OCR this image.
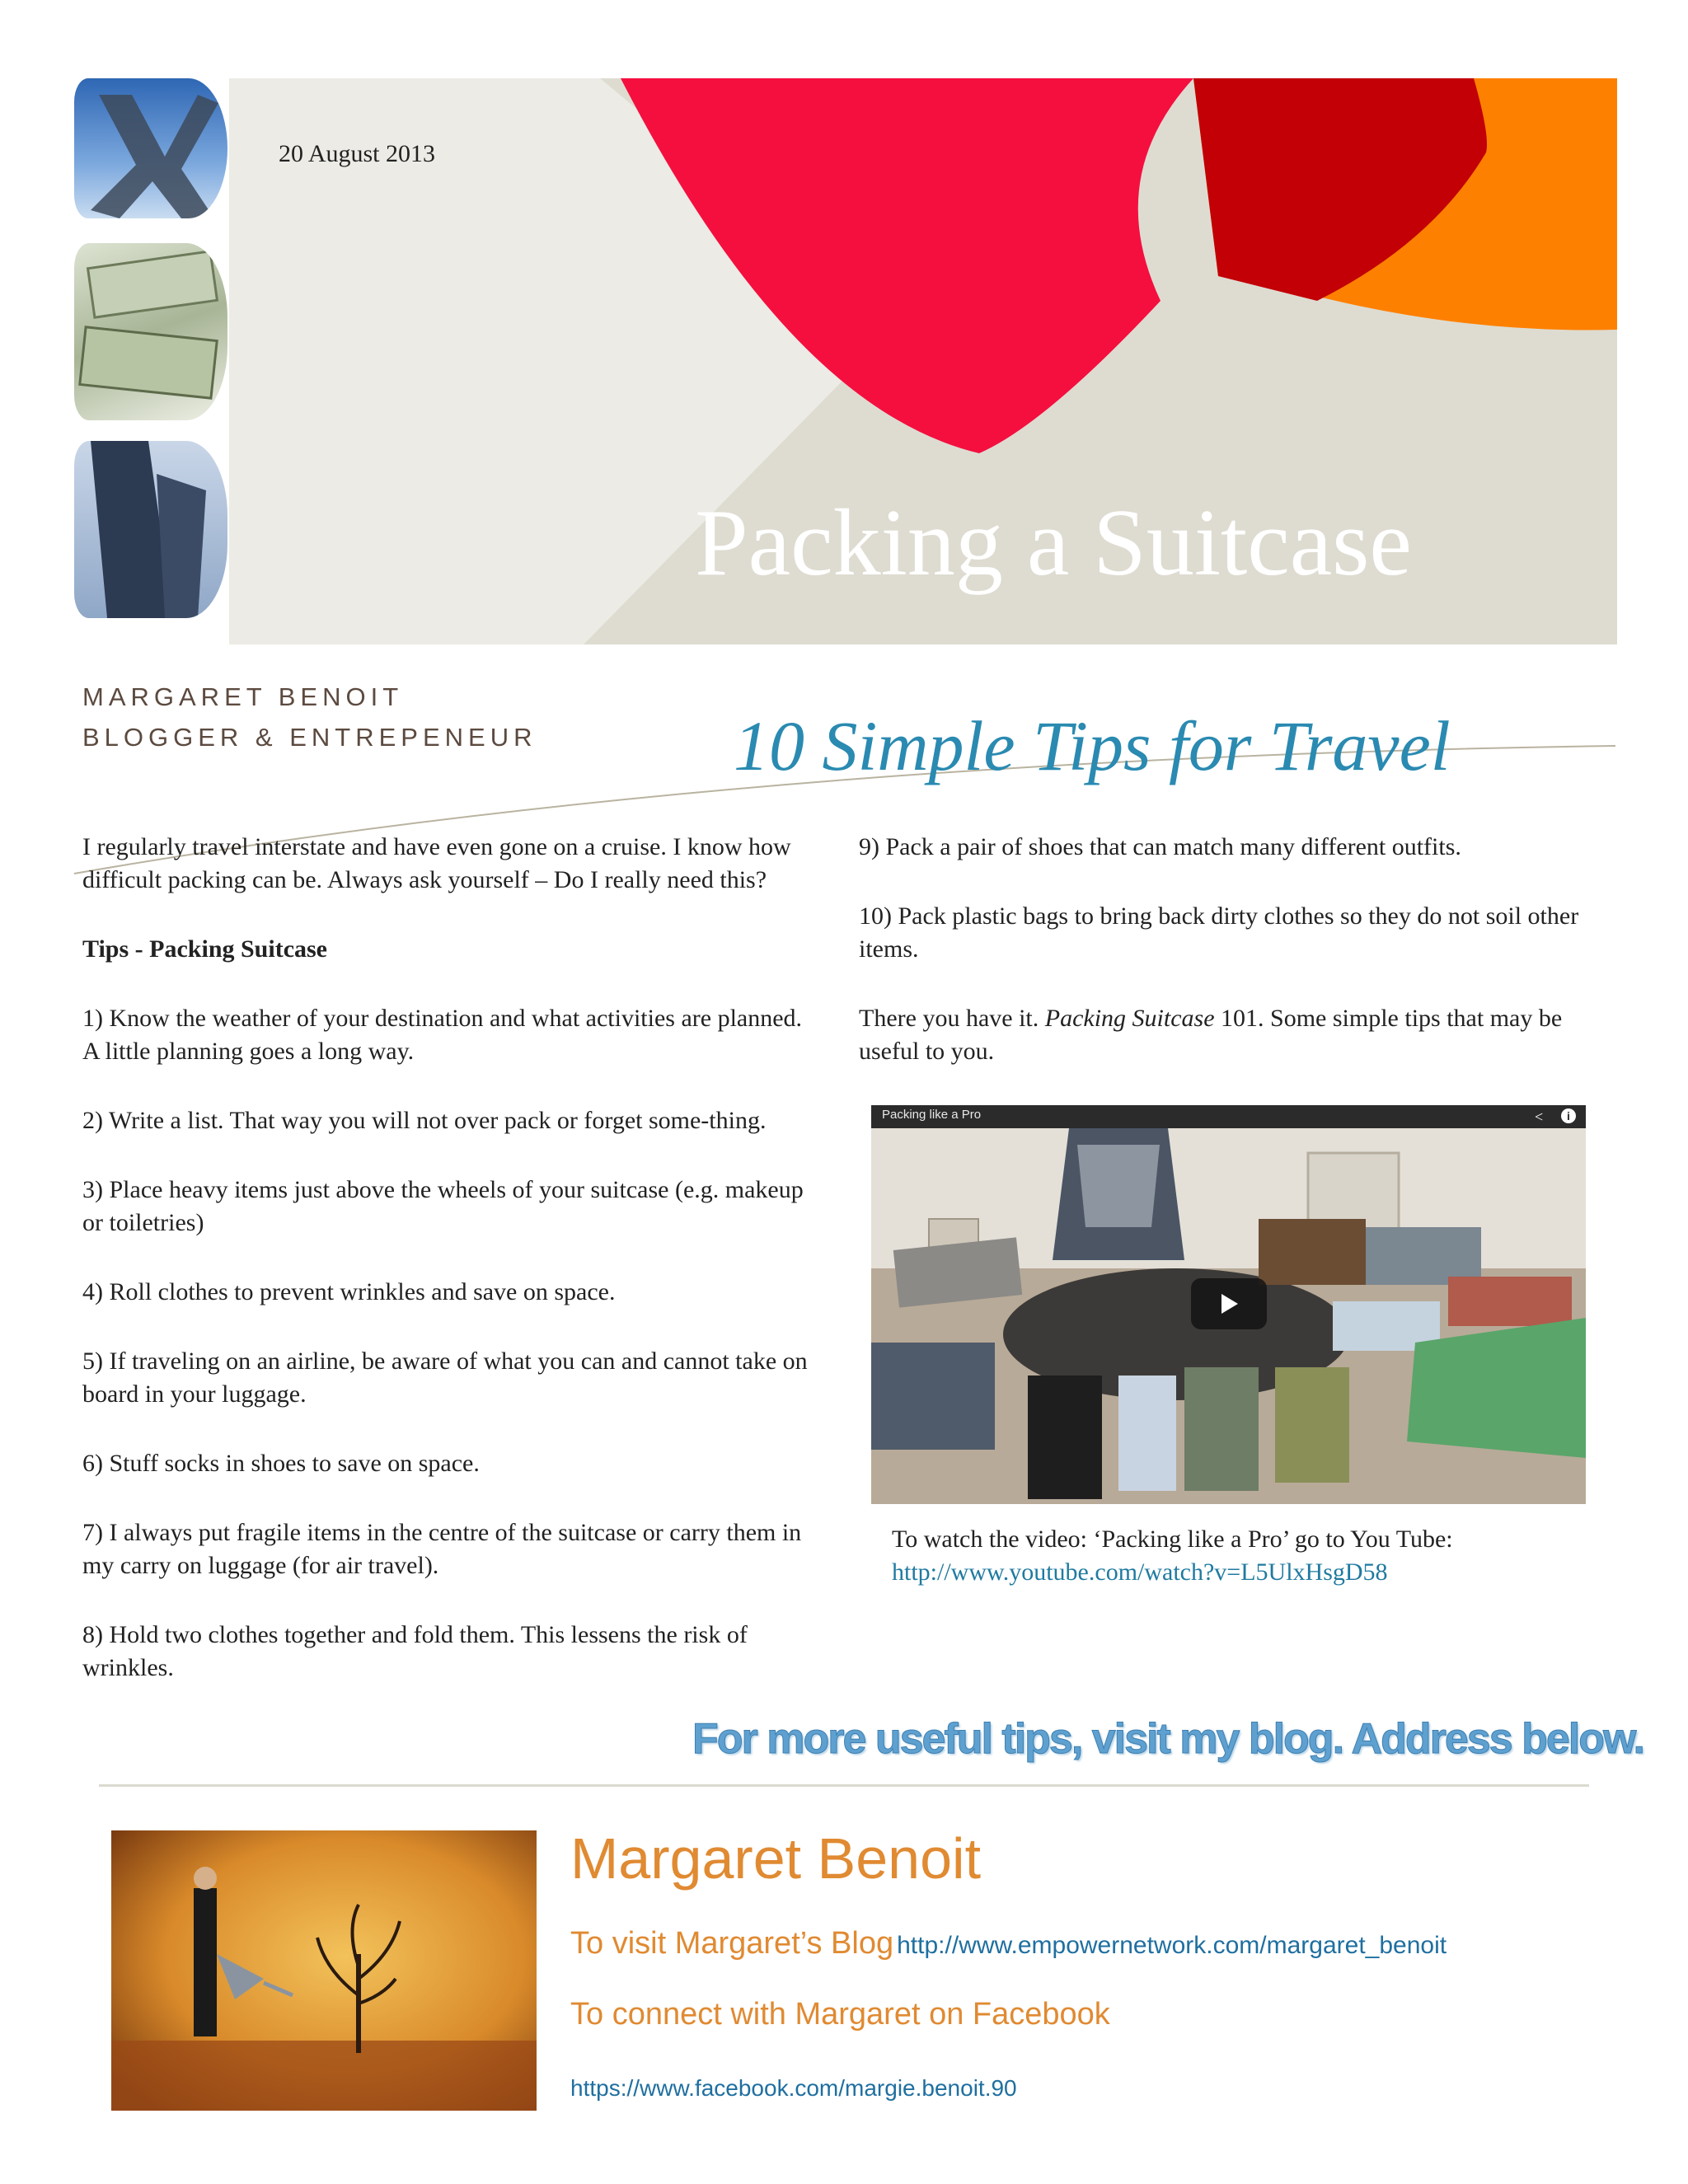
20 August 2013
Packing a Suitcase
MARGARET BENOIT
BLOGGER & ENTREPENEUR	10 Simple Tips for Travel

I regularly travel interstate and have even gone on a cruise. I know how difficult packing can be. Always ask yourself – Do I really need this?

Tips - Packing Suitcase

1) Know the weather of your destination and what activities are planned. A little planning goes a long way.

2) Write a list. That way you will not over pack or forget some-thing.

3) Place heavy items just above the wheels of your suitcase (e.g. makeup or toiletries)

4) Roll clothes to prevent wrinkles and save on space.

5) If traveling on an airline, be aware of what you can and cannot take on board in your luggage.

6) Stuff socks in shoes to save on space.

7) I always put fragile items in the centre of the suitcase or carry them in my carry on luggage (for air travel).

8) Hold two clothes together and fold them. This lessens the risk of wrinkles.

9) Pack a pair of shoes that can match many different outfits.

10) Pack plastic bags to bring back dirty clothes so they do not soil other items.

There you have it. Packing Suitcase 101. Some simple tips that may be useful to you.

Packing like a Pro	<	i
To watch the video: ‘Packing like a Pro’ go to You Tube:
http://www.youtube.com/watch?v=L5UlxHsgD58
For more useful tips, visit my blog. Address below.
Margaret Benoit
To visit Margaret’s Blog http://www.empowernetwork.com/margaret_benoit
To connect with Margaret on Facebook
https://www.facebook.com/margie.benoit.90
